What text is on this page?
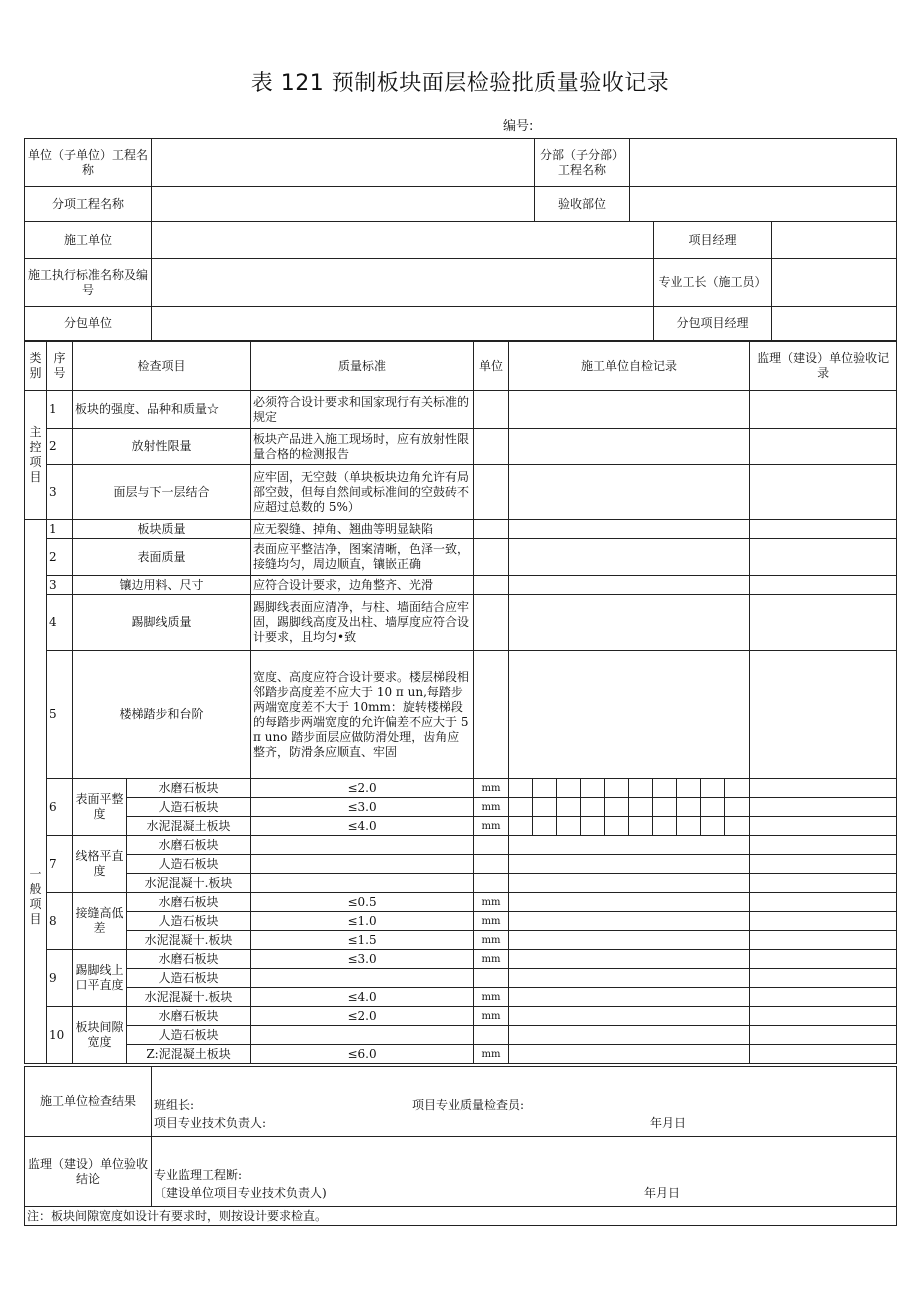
表 121 预制板块面层检验批质量验收记录
编号:
单位（子单位）工程名称		分部（子分部）工程名称			
分项工程名称		验收部位			
施工单位				项目经理	
施工执行标准名称及编号				专业工长（施工员）	
分包单位				分包项目经理	
类别	序号	检查项目		质量标准	单位	施工单位自检记录										监理（建设）单位验收记录
主控项目	1	板块的强度、品种和质量☆		必须符合设计要求和国家现行有关标准的规定												
	2	放射性限量		板块产品进入施工现场时，应有放射性限量合格的检测报告												
	3	面层与下一层结合		应牢固，无空鼓（单块板块边角允许有局部空鼓，但每自然间或标准间的空鼓砖不应超过总数的 5%）												
一般项目	1	板块质量		应无裂缝、掉角、翘曲等明显缺陷												
	2	表面质量		表面应平整洁净，图案清晰，色泽一致，接缝均匀，周边顺直，镶嵌正确												
	3	镶边用料、尺寸		应符合设计要求，边角整齐、光滑												
	4	踢脚线质量		踢脚线表面应清净，与柱、墙面结合应牢固，踢脚线高度及出柱、墙厚度应符合设计要求，且均匀•致												
	5	楼梯踏步和台阶		宽度、高度应符合设计要求。楼层梯段相邻踏步高度差不应大于 10 π un,每踏步两端宽度差不大于 10mm：旋转楼梯段的每踏步两端宽度的允许偏差不应大于 5 π uno 踏步面层应做防滑处理，齿角应整齐，防滑条应顺直、牢固												
	6	表面平整度	水磨石板块	≤2.0	mm											
			人造石板块	≤3.0	mm											
			水泥混凝土板块	≤4.0	mm											
	7	线格平直度	水磨石板块													
			人造石板块													
			水泥混凝十.板块													
	8	接缝高低差	水磨石板块	≤0.5	mm											
			人造石板块	≤1.0	mm											
			水泥混凝十.板块	≤1.5	mm											
	9	踢脚线上口平直度	水磨石板块	≤3.0	mm											
			人造石板块													
			水泥混凝十.板块	≤4.0	mm											
	10	板块间隙宽度	水磨石板块	≤2.0	mm											
			人造石板块													
			Z:泥混凝土板块	≤6.0	mm											
施工单位检查结果	班组长: 项目专业质量检查员:
项目专业技术负责人: 年月日

监理（建设）单位验收结论	专业监理工程断:
〔建设单位项目专业技术负责人) 年月日

注：板块间隙宽度如设计有要求时，则按设计要求检直。	
